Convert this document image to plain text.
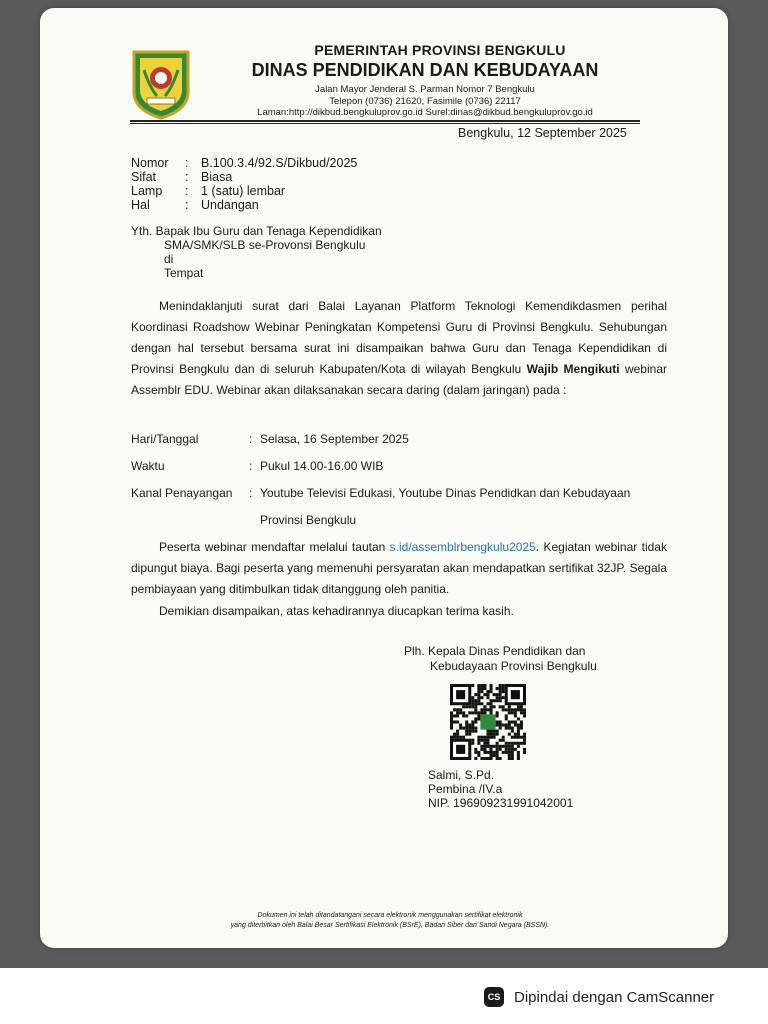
PEMERINTAH PROVINSI BENGKULU
DINAS PENDIDIKAN DAN KEBUDAYAAN
Jalan Mayor Jenderal S. Parman Nomor 7 Bengkulu
Telepon (0736) 21620, Fasimile (0736) 22117
Laman:http://dikbud.bengkuluprov.go.id Surel:dinas@dikbud.bengkuluprov.go.id
Bengkulu, 12 September 2025
Nomor : B.100.3.4/92.S/Dikbud/2025
Sifat : Biasa
Lamp : 1 (satu) lembar
Hal	: Undangan
Yth. Bapak Ibu Guru dan Tenaga Kependidikan
SMA/SMK/SLB se-Provonsi Bengkulu
di
Tempat
Menindaklanjuti surat dari Balai Layanan Platform Teknologi Kemendikdasmen perihal Koordinasi Roadshow Webinar Peningkatan Kompetensi Guru di Provinsi Bengkulu. Sehubungan dengan hal tersebut bersama surat ini disampaikan bahwa Guru dan Tenaga Kependidikan di Provinsi Bengkulu dan di seluruh Kabupaten/Kota di wilayah Bengkulu Wajib Mengikuti webinar Assemblr EDU. Webinar akan dilaksanakan secara daring (dalam jaringan) pada :
Hari/Tanggal	: Selasa, 16 September 2025
Waktu	: Pukul 14.00-16.00 WIB
Kanal Penayangan : Youtube Televisi Edukasi, Youtube Dinas Pendidkan dan Kebudayaan
Provinsi Bengkulu
Peserta webinar mendaftar melalui tautan s.id/assemblrbengkulu2025. Kegiatan webinar tidak dipungut biaya. Bagi peserta yang memenuhi persyaratan akan mendapatkan sertifikat 32JP. Segala pembiayaan yang ditimbulkan tidak ditanggung oleh panitia.
Demikian disampaikan, atas kehadirannya diucapkan terima kasih.
Plh. Kepala Dinas Pendidikan dan
Kebudayaan Provinsi Bengkulu
Salmi, S.Pd.
Pembina /IV.a
NIP. 196909231991042001
Dokumen ini telah ditandatangani secara elektronik menggunakan sertifikat elektronik
yang diterbitkan oleh Balai Besar Sertifikasi Elektronik (BSrE), Badan Siber dan Sandi Negara (BSSN).
CS Dipindai dengan CamScanner
